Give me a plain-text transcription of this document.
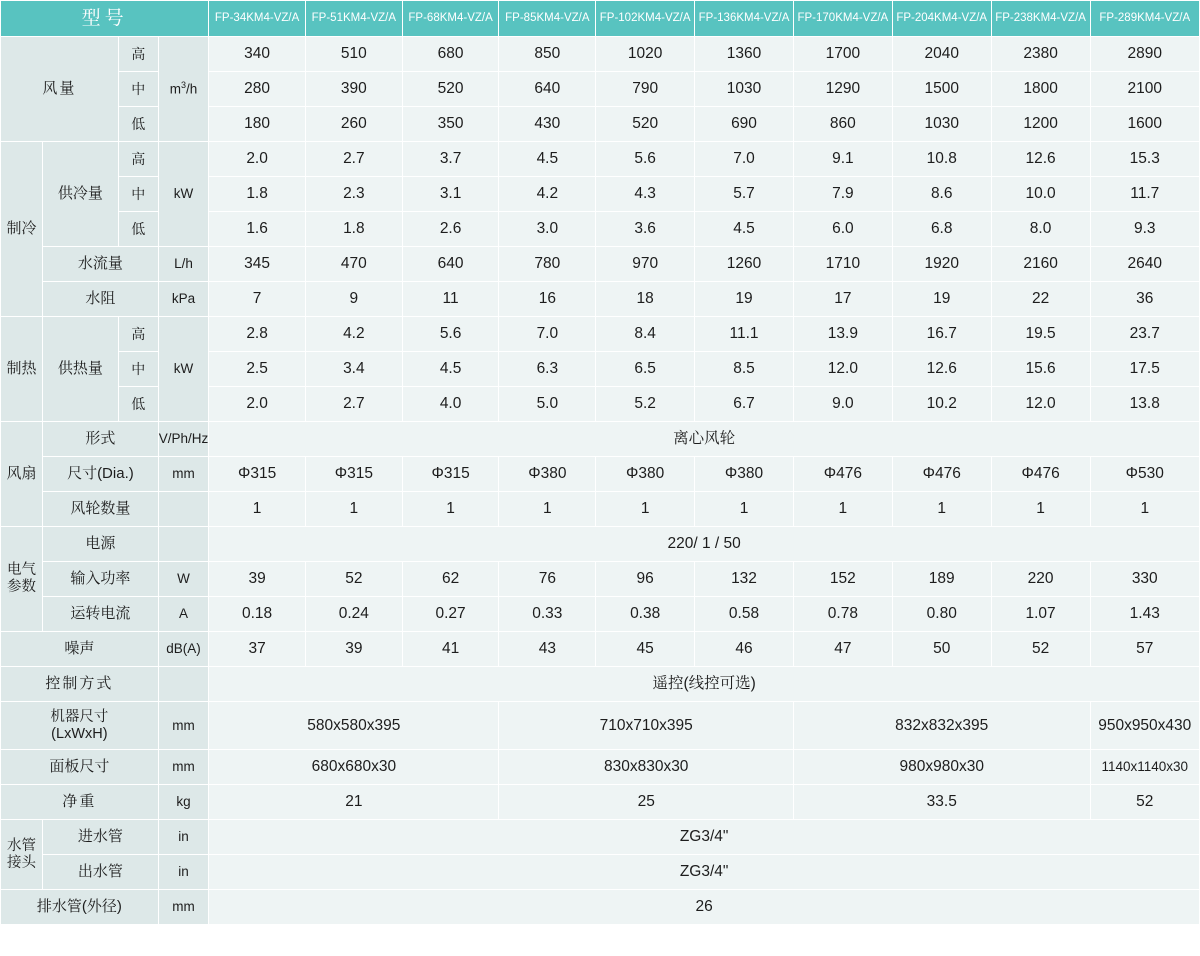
型号				FP-34KM4-VZ/A	FP-51KM4-VZ/A	FP-68KM4-VZ/A	FP-85KM4-VZ/A	FP-102KM4-VZ/A	FP-136KM4-VZ/A	FP-170KM4-VZ/A	FP-204KM4-VZ/A	FP-238KM4-VZ/A	FP-289KM4-VZ/A
风量		高	$m^3/h$	340	510	680	850	1020	1360	1700	2040	2380	2890
		中		280	390	520	640	790	1030	1290	1500	1800	2100
		低		180	260	350	430	520	690	860	1030	1200	1600
制冷	供冷量	高	kW	2.0	2.7	3.7	4.5	5.6	7.0	9.1	10.8	12.6	15.3
		中		1.8	2.3	3.1	4.2	4.3	5.7	7.9	8.6	10.0	11.7
		低		1.6	1.8	2.6	3.0	3.6	4.5	6.0	6.8	8.0	9.3
	水流量		L/h	345	470	640	780	970	1260	1710	1920	2160	2640
	水阻		kPa	7	9	11	16	18	19	17	19	22	36
制热	供热量	高	kW	2.8	4.2	5.6	7.0	8.4	11.1	13.9	16.7	19.5	23.7
		中		2.5	3.4	4.5	6.3	6.5	8.5	12.0	12.6	15.6	17.5
		低		2.0	2.7	4.0	5.0	5.2	6.7	9.0	10.2	12.0	13.8
风扇	形式		V/Ph/Hz	离心风轮									
	尺寸(Dia.)		mm	Φ315	Φ315	Φ315	Φ380	Φ380	Φ380	Φ476	Φ476	Φ476	Φ530
	风轮数量			1	1	1	1	1	1	1	1	1	1

电气
参数	电源			220/ 1 / 50									
	输入功率		W	39	52	62	76	96	132	152	189	220	330
	运转电流		A	0.18	0.24	0.27	0.33	0.38	0.58	0.78	0.80	1.07	1.43
噪声			dB(A)	37	39	41	43	45	46	47	50	52	57
控制方式				遥控(线控可选)									

机器尺寸
(LxWxH)			mm	580x580x395			710x710x395			832x832x395			950x950x430
面板尺寸			mm	680x680x30			830x830x30			980x980x30			1140x1140x30
净重			kg	21			25			33.5			52

水管
接头	进水管		in	ZG3/4"									
	出水管		in	ZG3/4"									
排水管(外径)			mm	26									
